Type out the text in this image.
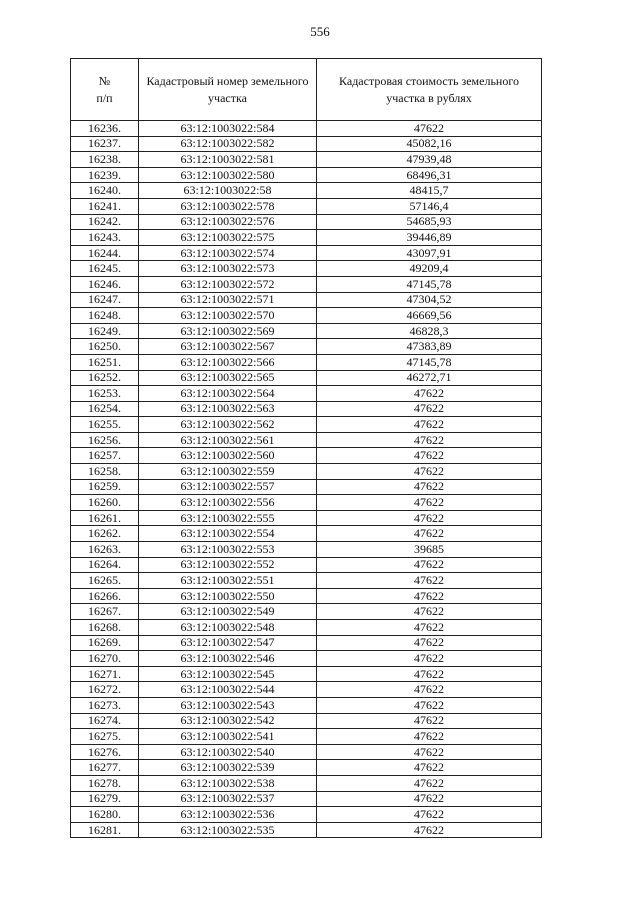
556
№
п/п	Кадастровый номер земельного участка	Кадастровая стоимость земельного участка в рублях
16236.	63:12:1003022:584	47622
16237.	63:12:1003022:582	45082,16
16238.	63:12:1003022:581	47939,48
16239.	63:12:1003022:580	68496,31
16240.	63:12:1003022:58	48415,7
16241.	63:12:1003022:578	57146,4
16242.	63:12:1003022:576	54685,93
16243.	63:12:1003022:575	39446,89
16244.	63:12:1003022:574	43097,91
16245.	63:12:1003022:573	49209,4
16246.	63:12:1003022:572	47145,78
16247.	63:12:1003022:571	47304,52
16248.	63:12:1003022:570	46669,56
16249.	63:12:1003022:569	46828,3
16250.	63:12:1003022:567	47383,89
16251.	63:12:1003022:566	47145,78
16252.	63:12:1003022:565	46272,71
16253.	63:12:1003022:564	47622
16254.	63:12:1003022:563	47622
16255.	63:12:1003022:562	47622
16256.	63:12:1003022:561	47622
16257.	63:12:1003022:560	47622
16258.	63:12:1003022:559	47622
16259.	63:12:1003022:557	47622
16260.	63:12:1003022:556	47622
16261.	63:12:1003022:555	47622
16262.	63:12:1003022:554	47622
16263.	63:12:1003022:553	39685
16264.	63:12:1003022:552	47622
16265.	63:12:1003022:551	47622
16266.	63:12:1003022:550	47622
16267.	63:12:1003022:549	47622
16268.	63:12:1003022:548	47622
16269.	63:12:1003022:547	47622
16270.	63:12:1003022:546	47622
16271.	63:12:1003022:545	47622
16272.	63:12:1003022:544	47622
16273.	63:12:1003022:543	47622
16274.	63:12:1003022:542	47622
16275.	63:12:1003022:541	47622
16276.	63:12:1003022:540	47622
16277.	63:12:1003022:539	47622
16278.	63:12:1003022:538	47622
16279.	63:12:1003022:537	47622
16280.	63:12:1003022:536	47622
16281.	63:12:1003022:535	47622
